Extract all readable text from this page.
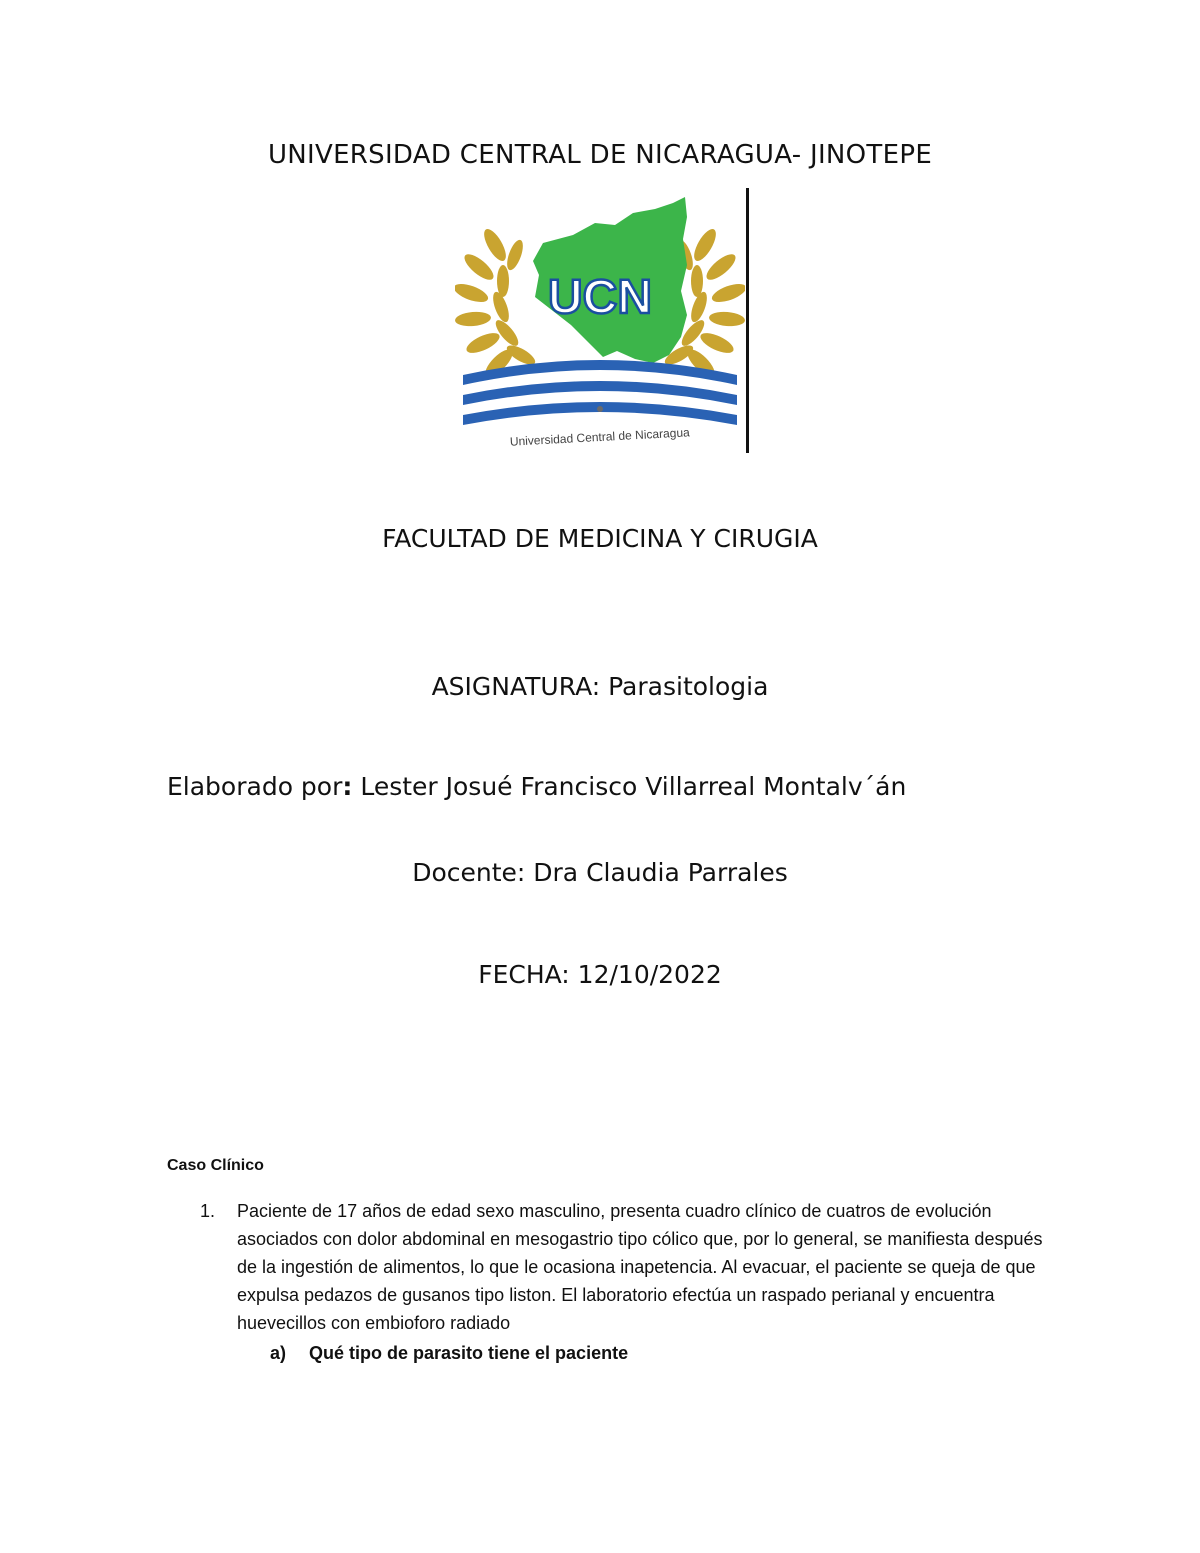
UNIVERSIDAD CENTRAL DE NICARAGUA- JINOTEPE
UCN
Universidad Central de Nicaragua
FACULTAD DE MEDICINA Y CIRUGIA
ASIGNATURA: Parasitologia
Elaborado por: Lester Josué Francisco Villarreal Montalv´án
Docente: Dra Claudia Parrales
FECHA: 12/10/2022
Caso Clínico
1. Paciente de 17 años de edad sexo masculino, presenta cuadro clínico de cuatros de evolución asociados con dolor abdominal en mesogastrio tipo cólico que, por lo general, se manifiesta después de la ingestión de alimentos, lo que le ocasiona inapetencia. Al evacuar, el paciente se queja de que expulsa pedazos de gusanos tipo liston. El laboratorio efectúa un raspado perianal y encuentra huevecillos con embioforo radiado
a) Qué tipo de parasito tiene el paciente
